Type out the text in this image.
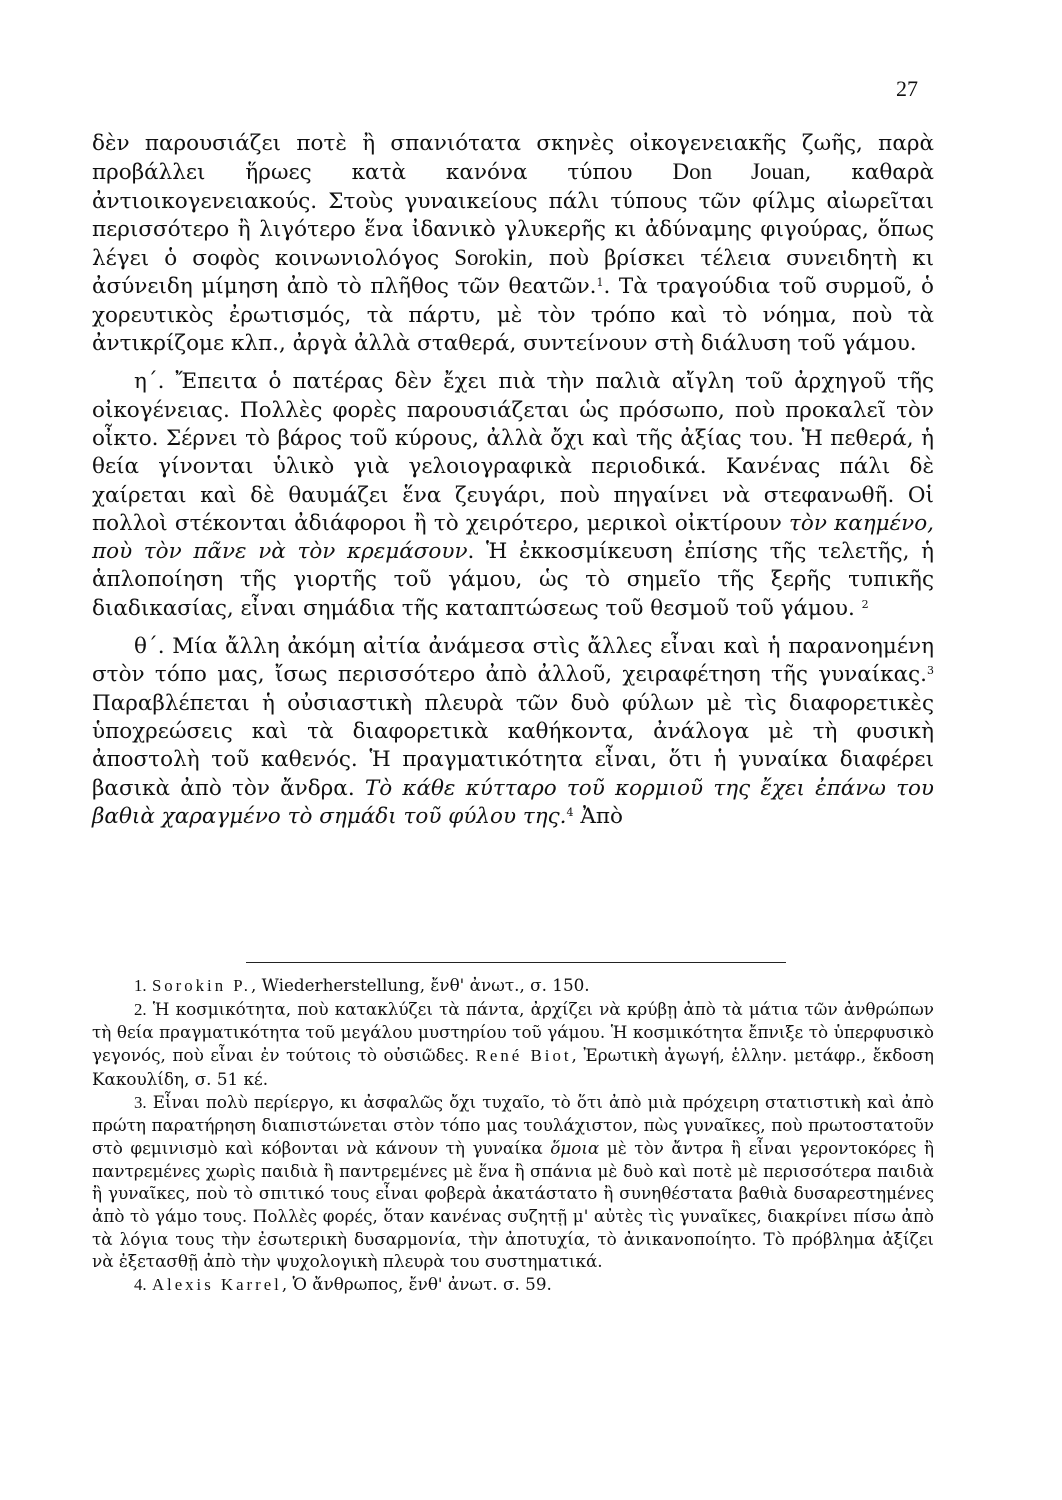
27

δὲν παρουσιάζει ποτὲ ἢ σπανιότατα σκηνὲς οἰκογενειακῆς ζωῆς, παρὰ προβάλλει ἥρωες κατὰ κανόνα τύπου Don Jouan, καθαρὰ ἀντιοικογενειακούς. Στοὺς γυναικείους πάλι τύπους τῶν φίλμς αἰωρεῖται περισσότερο ἢ λιγότερο ἕνα ἰδανικὸ γλυκερῆς κι ἀδύναμης φιγούρας, ὅπως λέγει ὁ σοφὸς κοινωνιολόγος Sorokin, ποὺ βρίσκει τέλεια συνειδητὴ κι ἀσύνειδη μίμηση ἀπὸ τὸ πλῆθος τῶν θεατῶν.$^1$. Τὰ τραγούδια τοῦ συρμοῦ, ὁ χορευτικὸς ἐρωτισμός, τὰ πάρτυ, μὲ τὸν τρόπο καὶ τὸ νόημα, ποὺ τὰ ἀντικρίζομε κλπ., ἀργὰ ἀλλὰ σταθερά, συντείνουν στὴ διάλυση τοῦ γάμου.

η΄. Ἔπειτα ὁ πατέρας δὲν ἔχει πιὰ τὴν παλιὰ αἴγλη τοῦ ἀρχηγοῦ τῆς οἰκογένειας. Πολλὲς φορὲς παρουσιάζεται ὡς πρόσωπο, ποὺ προκαλεῖ τὸν οἶκτο. Σέρνει τὸ βάρος τοῦ κύρους, ἀλλὰ ὄχι καὶ τῆς ἀξίας του. Ἡ πεθερά, ἡ θεία γίνονται ὑλικὸ γιὰ γελοιογραφικὰ περιοδικά. Κανένας πάλι δὲ χαίρεται καὶ δὲ θαυμάζει ἕνα ζευγάρι, ποὺ πηγαίνει νὰ στεφανωθῆ. Οἱ πολλοὶ στέκονται ἀδιάφοροι ἢ τὸ χειρότερο, μερικοὶ οἰκτίρουν τὸν καημένο, ποὺ τὸν πᾶνε νὰ τὸν κρεμάσουν. Ἡ ἐκκοσμίκευση ἐπίσης τῆς τελετῆς, ἡ ἁπλοποίηση τῆς γιορτῆς τοῦ γάμου, ὡς τὸ σημεῖο τῆς ξερῆς τυπικῆς διαδικασίας, εἶναι σημάδια τῆς καταπτώσεως τοῦ θεσμοῦ τοῦ γάμου. $^2$

θ΄. Μία ἄλλη ἀκόμη αἰτία ἀνάμεσα στὶς ἄλλες εἶναι καὶ ἡ παρανοημένη στὸν τόπο μας, ἴσως περισσότερο ἀπὸ ἀλλοῦ, χειραφέτηση τῆς γυναίκας.$^3$ Παραβλέπεται ἡ οὐσιαστικὴ πλευρὰ τῶν δυὸ φύλων μὲ τὶς διαφορετικὲς ὑποχρεώσεις καὶ τὰ διαφορετικὰ καθήκοντα, ἀνάλογα μὲ τὴ φυσικὴ ἀποστολὴ τοῦ καθενός. Ἡ πραγματικότητα εἶναι, ὅτι ἡ γυναίκα διαφέρει βασικὰ ἀπὸ τὸν ἄνδρα. Τὸ κάθε κύτταρο τοῦ κορμιοῦ της ἔχει ἐπάνω του βαθιὰ χαραγμένο τὸ σημάδι τοῦ φύλου της.$^4$ Ἀπὸ

1. Sorokin P., Wiederherstellung, ἔνθ' ἀνωτ., σ. 150.

2. Ἡ κοσμικότητα, ποὺ κατακλύζει τὰ πάντα, ἀρχίζει νὰ κρύβῃ ἀπὸ τὰ μάτια τῶν ἀνθρώπων τὴ θεία πραγματικότητα τοῦ μεγάλου μυστηρίου τοῦ γάμου. Ἡ κοσμικότητα ἔπνιξε τὸ ὑπερφυσικὸ γεγονός, ποὺ εἶναι ἐν τούτοις τὸ οὐσιῶδες. René Biot, Ἐρωτικὴ ἀγωγή, ἑλλην. μετάφρ., ἔκδοση Κακουλίδη, σ. 51 κέ.

3. Εἶναι πολὺ περίεργο, κι ἀσφαλῶς ὄχι τυχαῖο, τὸ ὅτι ἀπὸ μιὰ πρόχειρη στατιστικὴ καὶ ἀπὸ πρώτη παρατήρηση διαπιστώνεται στὸν τόπο μας τουλάχιστον, πὼς γυναῖκες, ποὺ πρωτοστατοῦν στὸ φεμινισμὸ καὶ κόβονται νὰ κάνουν τὴ γυναίκα ὅμοια μὲ τὸν ἄντρα ἢ εἶναι γεροντοκόρες ἢ παντρεμένες χωρὶς παιδιὰ ἢ παντρεμένες μὲ ἕνα ἢ σπάνια μὲ δυὸ καὶ ποτὲ μὲ περισσότερα παιδιὰ ἢ γυναῖκες, ποὺ τὸ σπιτικό τους εἶναι φοβερὰ ἀκατάστατο ἢ συνηθέστατα βαθιὰ δυσαρεστημένες ἀπὸ τὸ γάμο τους. Πολλὲς φορές, ὅταν κανένας συζητῇ μ' αὐτὲς τὶς γυναῖκες, διακρίνει πίσω ἀπὸ τὰ λόγια τους τὴν ἐσωτερικὴ δυσαρμονία, τὴν ἀποτυχία, τὸ ἀνικανοποίητο. Τὸ πρόβλημα ἀξίζει νὰ ἐξετασθῇ ἀπὸ τὴν ψυχολογικὴ πλευρὰ του συστηματικά.

4. Alexis Karrel, Ὁ ἄνθρωπος, ἔνθ' ἀνωτ. σ. 59.
